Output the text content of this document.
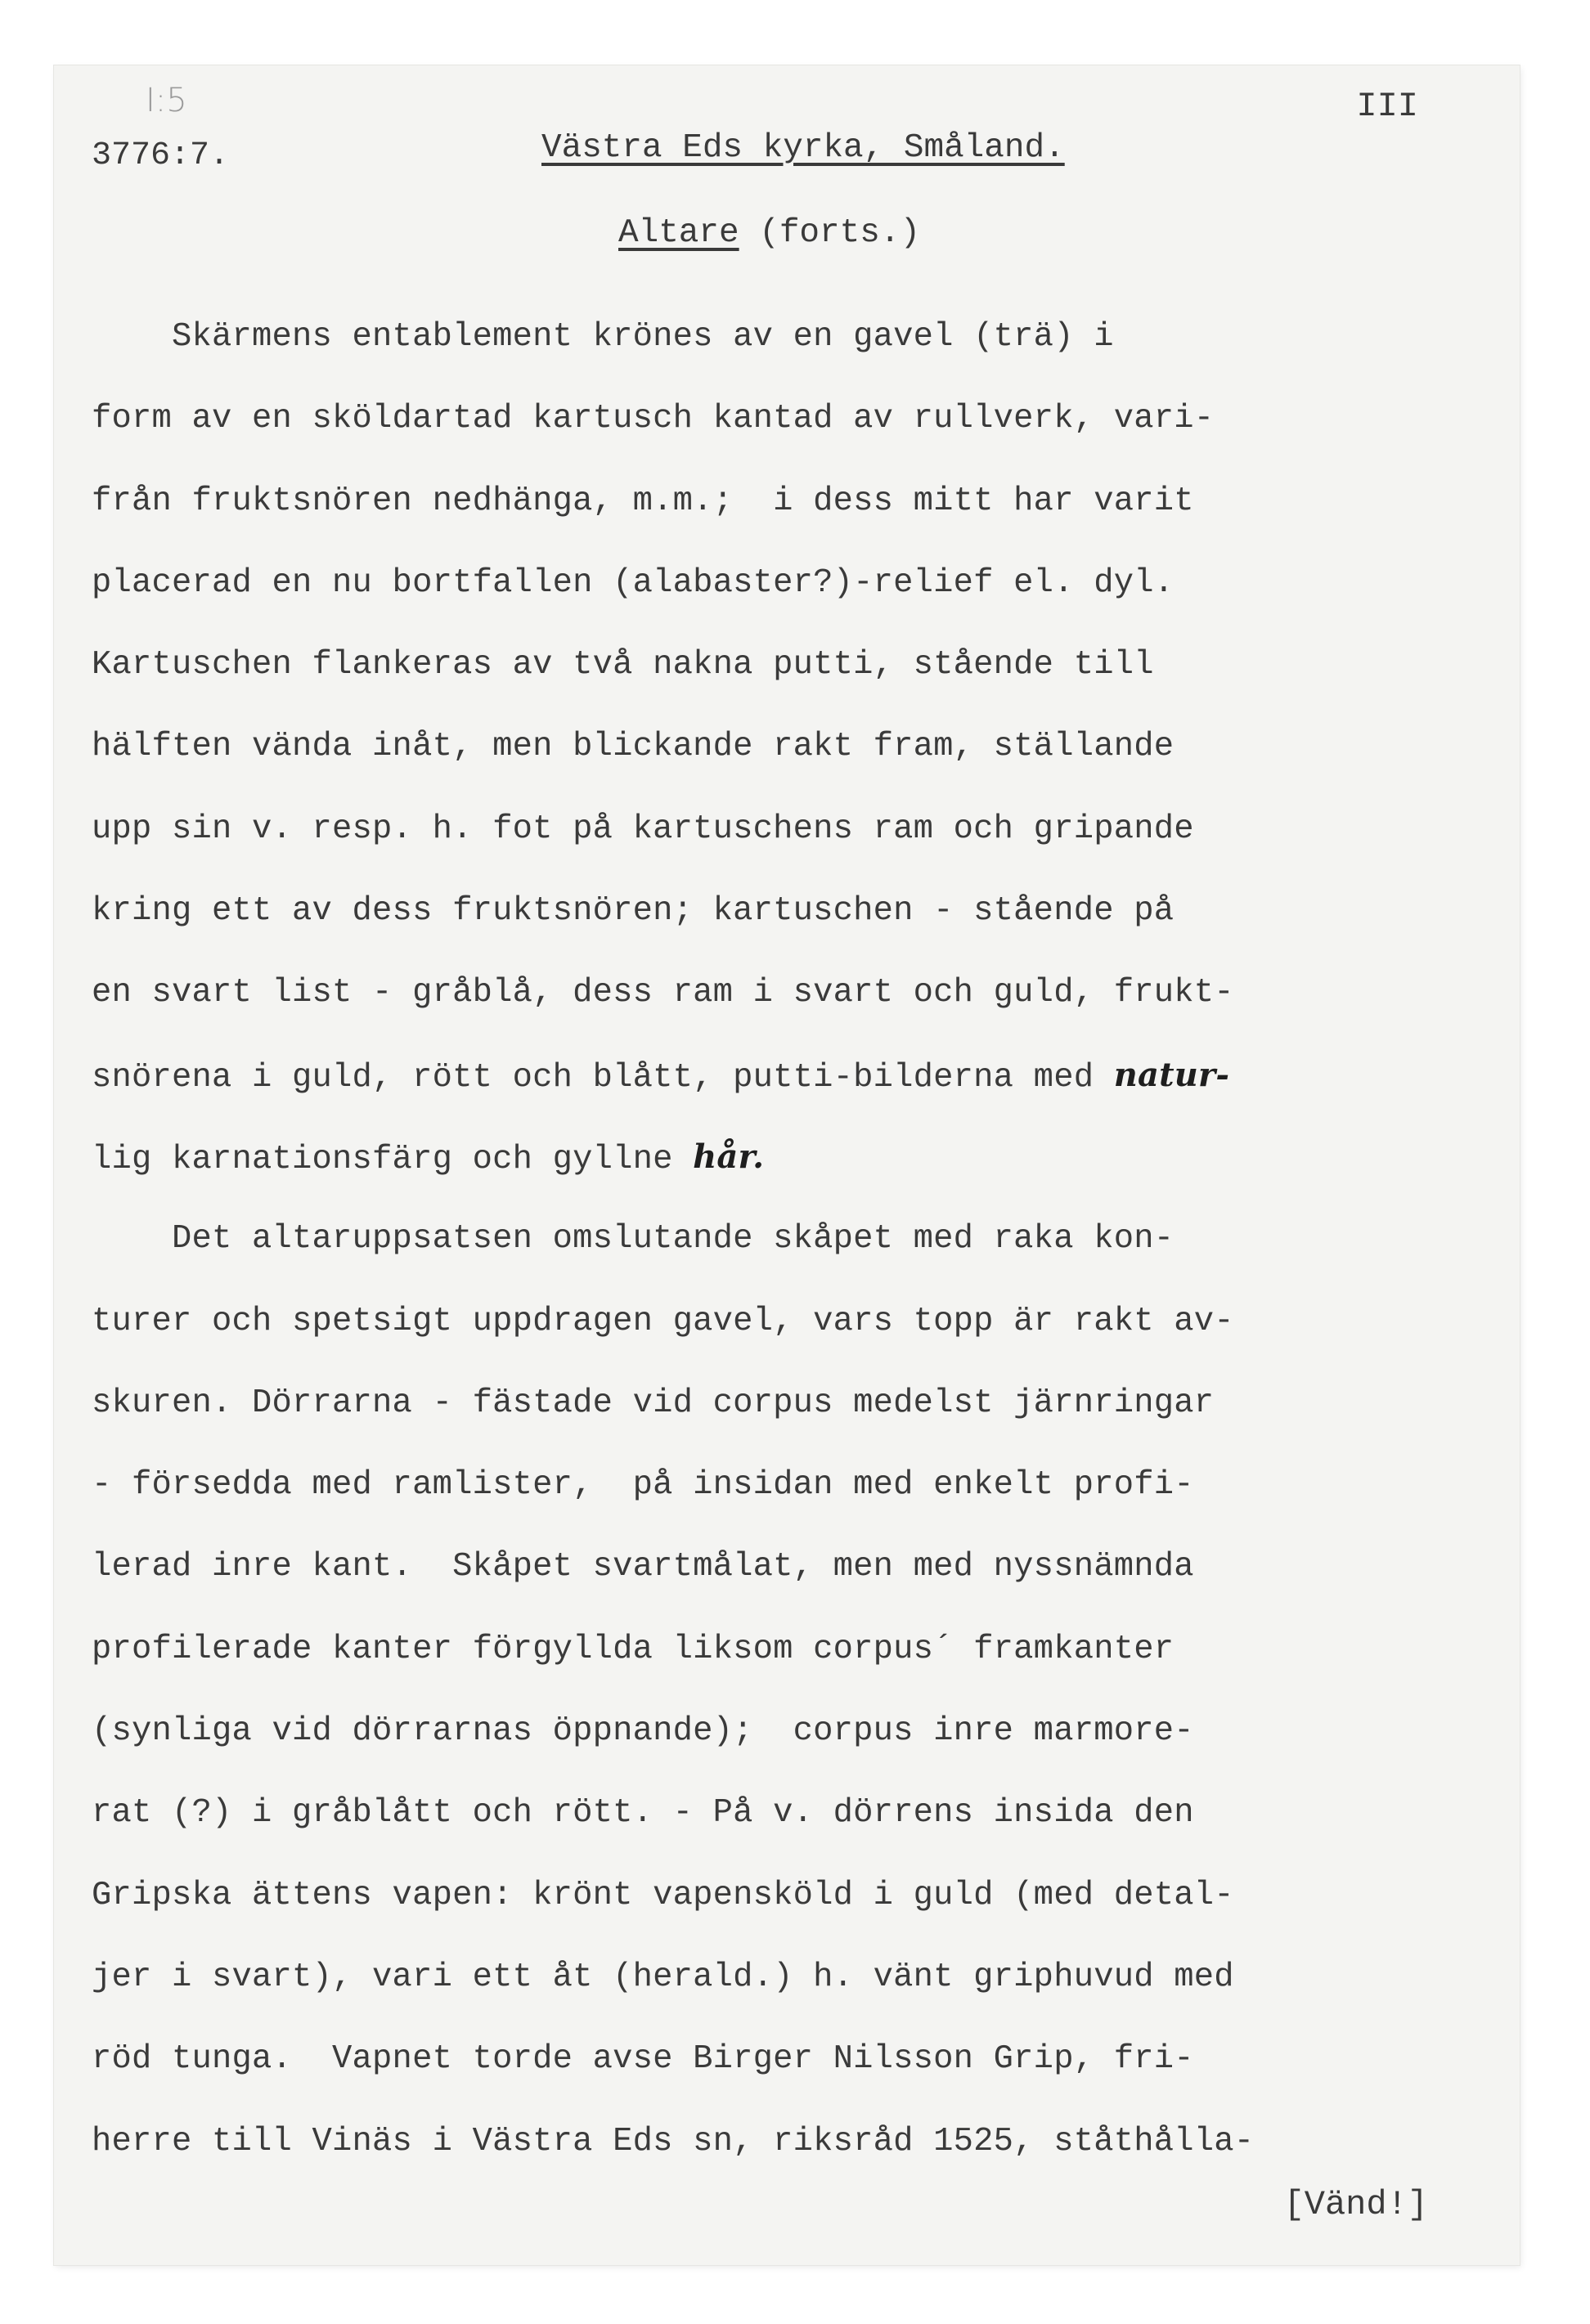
I:5
3776:7.
III
Västra Eds kyrka, Småland.
Altare (forts.)
Skärmens entablement krönes av en gavel (trä) i
form av en sköldartad kartusch kantad av rullverk, vari-
från fruktsnören nedhänga, m.m.;  i dess mitt har varit
placerad en nu bortfallen (alabaster?)-relief el. dyl.
Kartuschen flankeras av två nakna putti, stående till
hälften vända inåt, men blickande rakt fram, ställande
upp sin v. resp. h. fot på kartuschens ram och gripande
kring ett av dess fruktsnören; kartuschen - stående på
en svart list - gråblå, dess ram i svart och guld, frukt-
snörena i guld, rött och blått, putti-bilderna med natur-
lig karnationsfärg och gyllne hår.
Det altaruppsatsen omslutande skåpet med raka kon-
turer och spetsigt uppdragen gavel, vars topp är rakt av-
skuren. Dörrarna - fästade vid corpus medelst järnringar
- försedda med ramlister,  på insidan med enkelt profi-
lerad inre kant.  Skåpet svartmålat, men med nyssnämnda
profilerade kanter förgyllda liksom corpus´ framkanter
(synliga vid dörrarnas öppnande);  corpus inre marmore-
rat (?) i gråblått och rött. - På v. dörrens insida den
Gripska ättens vapen: krönt vapensköld i guld (med detal-
jer i svart), vari ett åt (herald.) h. vänt griphuvud med
röd tunga.  Vapnet torde avse Birger Nilsson Grip, fri-
herre till Vinäs i Västra Eds sn, riksråd 1525, ståthålla-
[Vänd!]
